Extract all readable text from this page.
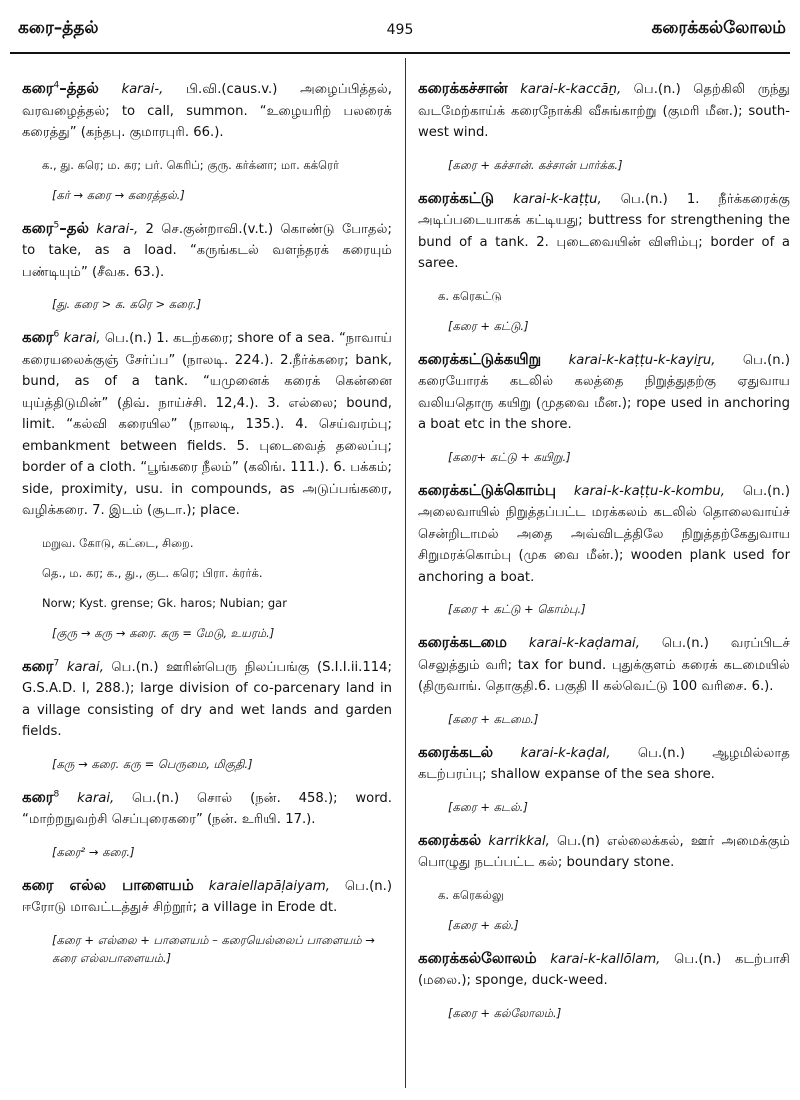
கரை–த்தல்	495	கரைக்கல்லோலம்

கரை$^4$–த்தல் karai-, பி.வி.(caus.v.) அழைப்பித்தல், வரவழைத்தல்; to call, summon. “உழையரிற் பலரைக் கரைத்து” (கந்தபு. குமாரபுரி. 66.).

க., து. கரெ; ம. கர; பர். கெரிப்; குரு. கர்க்னா; மா. கக்ரெர்
[கர் → கரை → கரைத்தல்.]

கரை$^5$–தல் karai-, 2 செ.குன்றாவி.(v.t.) கொண்டு போதல்; to take, as a load. “கருங்கடல் வளந்தரக் கரையும் பண்டியும்” (சீவக. 63.).

[து. கரை > க. கரெ > கரை.]

கரை$^6$ karai, பெ.(n.) 1. கடற்கரை; shore of a sea. “நாவாய் கரையலைக்குஞ் சேர்ப்ப” (நாலடி. 224.). 2.நீர்க்கரை; bank, bund, as of a tank. “யமுனைக் கரைக் கென்னை யுய்த்திடுமின்” (திவ். நாய்ச்சி. 12,4.). 3. எல்லை; bound, limit. “கல்வி கரையில” (நாலடி, 135.). 4. செய்வரம்பு; embankment between fields. 5. புடைவைத் தலைப்பு; border of a cloth. “பூங்கரை நீலம்” (கலிங். 111.). 6. பக்கம்; side, proximity, usu. in compounds, as அடுப்பங்கரை, வழிக்கரை. 7. இடம் (சூடா.); place.

மறுவ. கோடு, கட்டை, சிறை.
தெ., ம. கர; க., து., குட. கரெ; பிரா. க்ரர்க்.
Norw; Kyst. grense; Gk. haros; Nubian; gar
[குரு → கரு → கரை. கரு = மேடு, உயரம்.]

கரை$^7$ karai, பெ.(n.) ஊரின்பெரு நிலப்பங்கு (S.I.I.ii.114; G.S.A.D. I, 288.); large division of co-parcenary land in a village consisting of dry and wet lands and garden fields.

[கரு → கரை. கரு = பெருமை, மிகுதி.]

கரை$^8$ karai, பெ.(n.) சொல் (நன். 458.); word. “மாற்றநுவற்சி செப்புரைகரை” (நன். உரியி. 17.).

[கரை² → கரை.]

கரை எல்ல பாளையம் karaiellapāḷaiyam, பெ.(n.) ஈரோடு மாவட்டத்துச் சிற்றூர்; a village in Erode dt.

[கரை + எல்லை + பாளையம் – கரையெல்லைப் பாளையம் → கரை எல்லபாளையம்.]

கரைக்கச்சான் karai-k-kaccāṉ, பெ.(n.) தெற்கிலி ருந்து வடமேற்காய்க் கரைநோக்கி வீசுங்காற்று (குமரி மீன.); south-west wind.

[கரை + கச்சான். கச்சான் பார்க்க.]

கரைக்கட்டு karai-k-kaṭṭu, பெ.(n.) 1. நீர்க்கரைக்கு அடிப்படையாகக் கட்டியது; buttress for strengthening the bund of a tank. 2. புடைவையின் விளிம்பு; border of a saree.

க. கரெகட்டு
[கரை + கட்டு.]

கரைக்கட்டுக்கயிறு karai-k-kaṭṭu-k-kayiṟu, பெ.(n.) கரையோரக் கடலில் கலத்தை நிறுத்துதற்கு ஏதுவாய வலியதொரு கயிறு (முதவை மீன.); rope used in anchoring a boat etc in the shore.

[கரை+ கட்டு + கயிறு.]

கரைக்கட்டுக்கொம்பு karai-k-kaṭṭu-k-kombu, பெ.(n.) அலைவாயில் நிறுத்தப்பட்ட மரக்கலம் கடலில் தொலைவாய்ச் சென்றிடாமல் அதை அவ்விடத்திலே நிறுத்தற்கேதுவாய சிறுமரக்கொம்பு (முக வை மீன்.); wooden plank used for anchoring a boat.

[கரை + கட்டு + கொம்பு.]

கரைக்கடமை karai-k-kaḍamai, பெ.(n.) வரப்பிடச் செலுத்தும் வரி; tax for bund. புதுக்குளம் கரைக் கடமையில் (திருவாங். தொகுதி.6. பகுதி II கல்வெட்டு 100 வரிசை. 6.).

[கரை + கடமை.]

கரைக்கடல் karai-k-kaḍal, பெ.(n.) ஆழமில்லாத கடற்பரப்பு; shallow expanse of the sea shore.

[கரை + கடல்.]

கரைக்கல் karrikkal, பெ.(n) எல்லைக்கல், ஊர் அமைக்கும் பொழுது நடப்பட்ட கல்; boundary stone.

க. கரெகல்லு
[கரை + கல்.]

கரைக்கல்லோலம் karai-k-kallōlam, பெ.(n.) கடற்பாசி (மலை.); sponge, duck-weed.

[கரை + கல்லோலம்.]
